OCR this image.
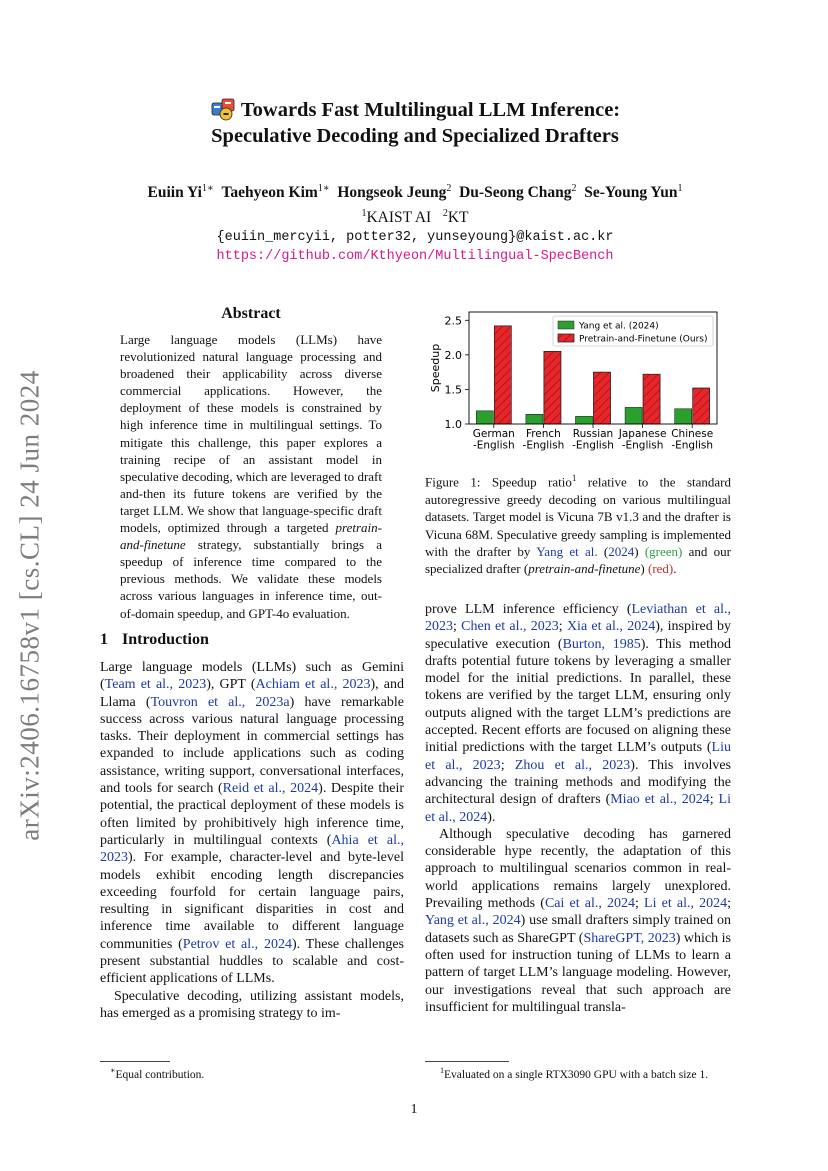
arXiv:2406.16758v1 [cs.CL] 24 Jun 2024
Towards Fast Multilingual LLM Inference:
Speculative Decoding and Specialized Drafters
Euiin $Yi^{1∗}$ Taehyeon Kim$^{1∗}$ Hongseok Jeung$^2$ Du-Seong Chang$^2$ Se-Young Yun$^1$
$^1$KAIST AI $^2$KT
{euiin_mercyii, potter32, yunseyoung}@kaist.ac.kr
https://github.com/Kthyeon/Multilingual-SpecBench
Abstract
Large language models (LLMs) have revolutionized natural language processing and broadened their applicability across diverse commercial applications. However, the deployment of these models is constrained by high inference time in multilingual settings. To mitigate this challenge, this paper explores a training recipe of an assistant model in speculative decoding, which are leveraged to draft and-then its future tokens are verified by the target LLM. We show that language-specific draft models, optimized through a targeted pretrain-and-finetune strategy, substantially brings a speedup of inference time compared to the previous methods. We validate these models across various languages in inference time, out-of-domain speedup, and GPT-4o evaluation.
1 Introduction

Large language models (LLMs) such as Gemini (Team et al., 2023), GPT (Achiam et al., 2023), and Llama (Touvron et al., 2023a) have remarkable success across various natural language processing tasks. Their deployment in commercial settings has expanded to include applications such as coding assistance, writing support, conversational interfaces, and tools for search (Reid et al., 2024). Despite their potential, the practical deployment of these models is often limited by prohibitively high inference time, particularly in multilingual contexts (Ahia et al., 2023). For example, character-level and byte-level models exhibit encoding length discrepancies exceeding fourfold for certain language pairs, resulting in significant disparities in cost and inference time available to different language communities (Petrov et al., 2024). These challenges present substantial huddles to scalable and cost-efficient applications of LLMs.

Speculative decoding, utilizing assistant models, has emerged as a promising strategy to im-

1.0
1.5
2.0
2.5
Speedup
German
-English
French
-English
Russian
-English
Japanese
-English
Chinese
-English
Yang et al. (2024)
Pretrain-and-Finetune (Ours)

Figure 1: Speedup ratio$^1$ relative to the standard autoregressive greedy decoding on various multilingual datasets. Target model is Vicuna 7B v1.3 and the drafter is Vicuna 68M. Speculative greedy sampling is implemented with the drafter by Yang et al. (2024) (green) and our specialized drafter (pretrain-and-finetune) (red).

prove LLM inference efficiency (Leviathan et al., 2023; Chen et al., 2023; Xia et al., 2024), inspired by speculative execution (Burton, 1985). This method drafts potential future tokens by leveraging a smaller model for the initial predictions. In parallel, these tokens are verified by the target LLM, ensuring only outputs aligned with the target LLM’s predictions are accepted. Recent efforts are focused on aligning these initial predictions with the target LLM’s outputs (Liu et al., 2023; Zhou et al., 2023). This involves advancing the training methods and modifying the architectural design of drafters (Miao et al., 2024; Li et al., 2024).

Although speculative decoding has garnered considerable hype recently, the adaptation of this approach to multilingual scenarios common in real-world applications remains largely unexplored. Prevailing methods (Cai et al., 2024; Li et al., 2024; Yang et al., 2024) use small drafters simply trained on datasets such as ShareGPT (ShareGPT, 2023) which is often used for instruction tuning of LLMs to learn a pattern of target LLM’s language modeling. However, our investigations reveal that such approach are insufficient for multilingual transla-

∗Equal contribution.	$^1$Evaluated on a single RTX3090 GPU with a batch size 1.
1
